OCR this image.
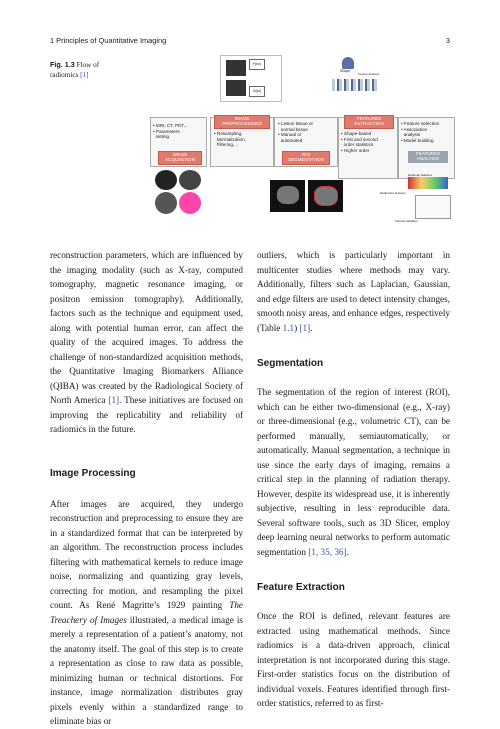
1 Principles of Quantitative Imaging	3
Fig. 1.3 Flow of radiomics [1]
F(kx)
G(kx)
Shape
Texture features
• MRI, CT, PET,...
• Parameters
setting
IMAGE
ACQUISITION
IMAGE
PREPROCESSING
• Resampling,
Normalization,
Filtering,...
• Lesion tissue or
normal tissue
• Manual or
automated
ROI
SEGMENTATION
FEATURES
EXTRACTION
• Shape-based
• First and second
order statistics
• Higher order
• Feature selection
• Association
analysis
• Model building
FEATURES
ANALYSIS
Heatmap features
Radiomics features
Clinical variables

reconstruction parameters, which are influenced by the imaging modality (such as X-ray, computed tomography, magnetic resonance imaging, or positron emission tomography). Additionally, factors such as the technique and equipment used, along with potential human error, can affect the quality of the acquired images. To address the challenge of non-standardized acquisition methods, the Quantitative Imaging Biomarkers Alliance (QIBA) was created by the Radiological Society of North America [1]. These initiatives are focused on improving the replicability and reliability of radiomics in the future.

Image Processing

After images are acquired, they undergo reconstruction and preprocessing to ensure they are in a standardized format that can be interpreted by an algorithm. The reconstruction process includes filtering with mathematical kernels to reduce image noise, normalizing and quantizing gray levels, correcting for motion, and resampling the pixel count. As René Magritte’s 1929 painting The Treachery of Images illustrated, a medical image is merely a representation of a patient’s anatomy, not the anatomy itself. The goal of this step is to create a representation as close to raw data as possible, minimizing human or technical distortions. For instance, image normalization distributes gray pixels evenly within a standardized range to eliminate bias or

outliers, which is particularly important in multicenter studies where methods may vary. Additionally, filters such as Laplacian, Gaussian, and edge filters are used to detect intensity changes, smooth noisy areas, and enhance edges, respectively (Table 1.1) [1].

Segmentation

The segmentation of the region of interest (ROI), which can be either two-dimensional (e.g., X-ray) or three-dimensional (e.g., volumetric CT), can be performed manually, semiautomatically, or automatically. Manual segmentation, a technique in use since the early days of imaging, remains a critical step in the planning of radiation therapy. However, despite its widespread use, it is inherently subjective, resulting in less reproducible data. Several software tools, such as 3D Slicer, employ deep learning neural networks to perform automatic segmentation [1, 35, 36].

Feature Extraction

Once the ROI is defined, relevant features are extracted using mathematical methods. Since radiomics is a data-driven approach, clinical interpretation is not incorporated during this stage. First-order statistics focus on the distribution of individual voxels. Features identified through first-order statistics, referred to as first-
